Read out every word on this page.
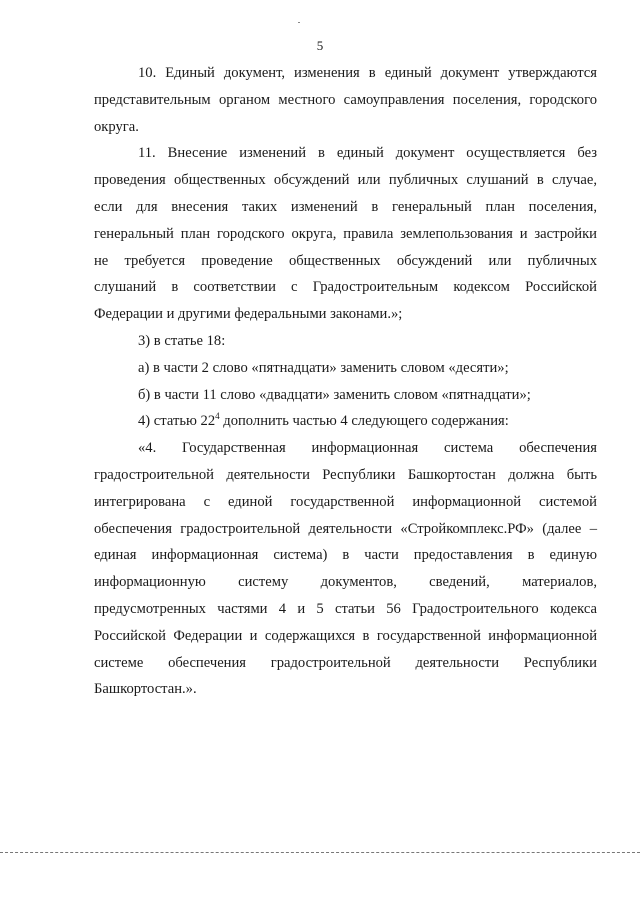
5
10. Единый документ, изменения в единый документ утверждаются
представительным органом местного самоуправления поселения, городского
округа.
11. Внесение изменений в единый документ осуществляется без
проведения общественных обсуждений или публичных слушаний в случае,
если для внесения таких изменений в генеральный план поселения,
генеральный план городского округа, правила землепользования и застройки
не требуется проведение общественных обсуждений или публичных
слушаний в соответствии с Градостроительным кодексом Российской
Федерации и другими федеральными законами.»;
3) в статье 18:
а) в части 2 слово «пятнадцати» заменить словом «десяти»;
б) в части 11 слово «двадцати» заменить словом «пятнадцати»;
4) статью $22^4$ дополнить частью 4 следующего содержания:
«4. Государственная информационная система обеспечения
градостроительной деятельности Республики Башкортостан должна быть
интегрирована с единой государственной информационной системой
обеспечения градостроительной деятельности «Стройкомплекс.РФ» (далее –
единая информационная система) в части предоставления в единую
информационную систему документов, сведений, материалов,
предусмотренных частями 4 и 5 статьи 56 Градостроительного кодекса
Российской Федерации и содержащихся в государственной информационной
системе обеспечения градостроительной деятельности Республики
Башкортостан.».
